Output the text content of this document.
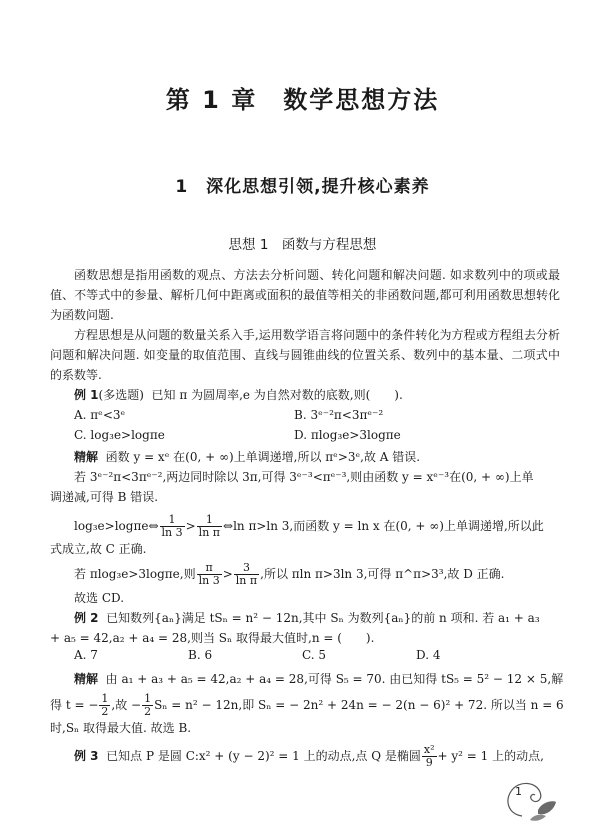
第 1 章　数学思想方法
1　深化思想引领,提升核心素养
思想 1　函数与方程思想
函数思想是指用函数的观点、方法去分析问题、转化问题和解决问题. 如求数列中的项或最值、不等式中的参量、解析几何中距离或面积的最值等相关的非函数问题,都可利用函数思想转化为函数问题.
方程思想是从问题的数量关系入手,运用数学语言将问题中的条件转化为方程或方程组去分析问题和解决问题. 如变量的取值范围、直线与圆锥曲线的位置关系、数列中的基本量、二项式中的系数等.
例 1(多选题) 已知 π 为圆周率,e 为自然对数的底数,则(　　).
A. πᵉ<3ᵉ	B. 3ᵉ⁻²π<3πᵉ⁻²
C. log₃e>logπe	D. πlog₃e>3logπe
精解 函数 y = xᵉ 在(0, + ∞)上单调递增,所以 πᵉ>3ᵉ,故 A 错误.
若 3ᵉ⁻²π<3πᵉ⁻²,两边同时除以 3π,可得 3ᵉ⁻³<πᵉ⁻³,则由函数 y = xᵉ⁻³在(0, + ∞)上单
调递减,可得 B 错误.
log₃e>logπe⇔ $\frac{1}{\ln 3} > \frac{1}{\text{ln π}}$ ⇔ln π>ln 3,而函数 y = ln x 在(0, + ∞)上单调递增,所以此
式成立,故 C 正确.
若 πlog₃e>3logπe,则 $\frac{\pi}{\ln 3} > \frac{3}{\text{ln π}}$ ,所以 πln π>3ln 3,可得 π^π>3³,故 D 正确.
故选 CD.
例 2 已知数列{aₙ}满足 tSₙ = n² − 12n,其中 Sₙ 为数列{aₙ}的前 n 项和. 若 a₁ + a₃
+ a₅ = 42,a₂ + a₄ = 28,则当 Sₙ 取得最大值时,n = (　　).
A. 7	B. 6	C. 5	D. 4
精解 由 a₁ + a₃ + a₅ = 42,a₂ + a₄ = 28,可得 S₅ = 70. 由已知得 tS₅ = 5² − 12 × 5,解
得 t = − $\frac{1}{2}$ ,故 − $\frac{1}{2}$ Sₙ = n² − 12n,即 Sₙ = − 2n² + 24n = − 2(n − 6)² + 72. 所以当 n = 6
时,Sₙ 取得最大值. 故选 B.
例 3 已知点 P 是圆 C:x² + (y − 2)² = 1 上的动点,点 Q 是椭圆 $\frac{\text{x²}}{9} + y^2 = 1$ 上的动点,
1
